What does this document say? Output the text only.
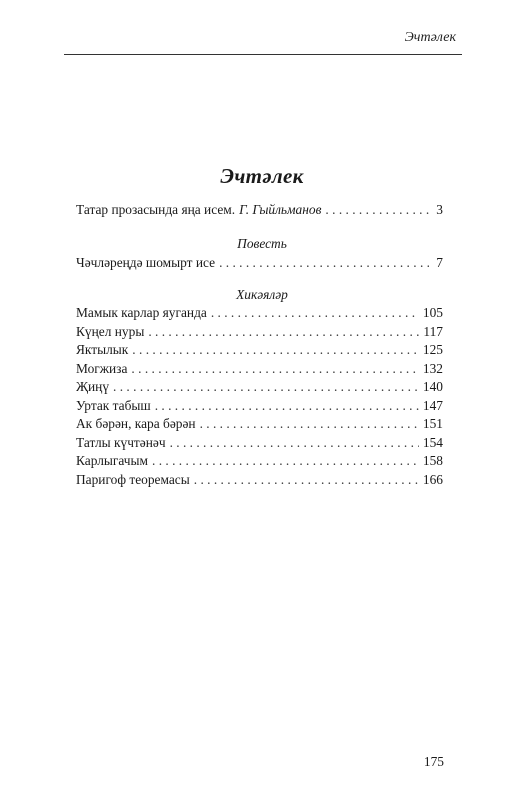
Эчтәлек
Эчтәлек
Татар прозасында яңа исем. Г. Гыйльманов . . .	3
Повесть
Чәчләреңдә шомырт исе . . .	7
Хикәяләр
Мамык карлар яуганда . . .	105
Күңел нуры . . .	117
Яктылык . . .	125
Могжиза . . .	132
Җиңү . . .	140
Уртак табыш . . .	147
Ак бәрән, кара бәрән . . .	151
Татлы күчтәнәч . . .	154
Карлыгачым . . .	158
Паригоф теоремасы . . .	166
175
